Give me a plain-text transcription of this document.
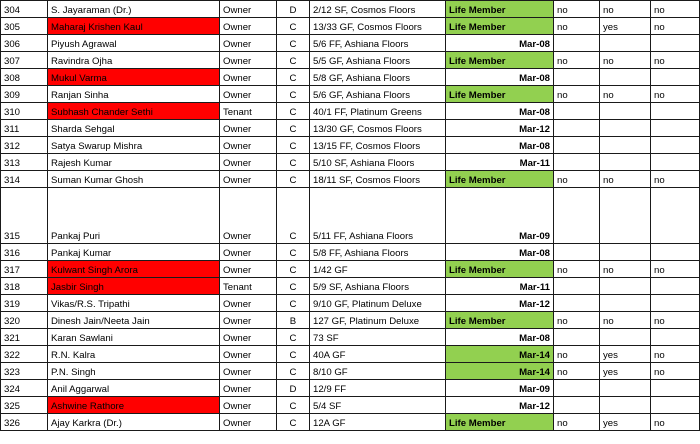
304	S. Jayaraman (Dr.)	Owner	D	2/12 SF, Cosmos Floors	Life Member	no	no	no
305	Maharaj Krishen Kaul	Owner	C	13/33 GF, Cosmos Floors	Life Member	no	yes	no
306	Piyush Agrawal	Owner	C	5/6 FF, Ashiana Floors	Mar-08			
307	Ravindra Ojha	Owner	C	5/5 GF, Ashiana Floors	Life Member	no	no	no
308	Mukul Varma	Owner	C	5/8 GF, Ashiana Floors	Mar-08			
309	Ranjan Sinha	Owner	C	5/6 GF, Ashiana Floors	Life Member	no	no	no
310	Subhash Chander Sethi	Tenant	C	40/1 FF, Platinum Greens	Mar-08			
311	Sharda Sehgal	Owner	C	13/30 GF, Cosmos Floors	Mar-12			
312	Satya Swarup Mishra	Owner	C	13/15 FF, Cosmos Floors	Mar-08			
313	Rajesh Kumar	Owner	C	5/10 SF, Ashiana Floors	Mar-11			
314	Suman Kumar Ghosh	Owner	C	18/11 SF, Cosmos Floors	Life Member	no	no	no
315	Pankaj Puri	Owner	C	5/11 FF, Ashiana Floors	Mar-09			
316	Pankaj Kumar	Owner	C	5/8 FF, Ashiana Floors	Mar-08			
317	Kulwant Singh Arora	Owner	C	1/42 GF	Life Member	no	no	no
318	Jasbir Singh	Tenant	C	5/9 SF, Ashiana Floors	Mar-11			
319	Vikas/R.S. Tripathi	Owner	C	9/10 GF, Platinum Deluxe	Mar-12			
320	Dinesh Jain/Neeta Jain	Owner	B	127 GF, Platinum Deluxe	Life Member	no	no	no
321	Karan Sawlani	Owner	C	73 SF	Mar-08			
322	R.N. Kalra	Owner	C	40A GF	Mar-14	no	yes	no
323	P.N. Singh	Owner	C	8/10 GF	Mar-14	no	yes	no
324	Anil Aggarwal	Owner	D	12/9 FF	Mar-09			
325	Ashwine Rathore	Owner	C	5/4 SF	Mar-12			
326	Ajay Karkra (Dr.)	Owner	C	12A GF	Life Member	no	yes	no
